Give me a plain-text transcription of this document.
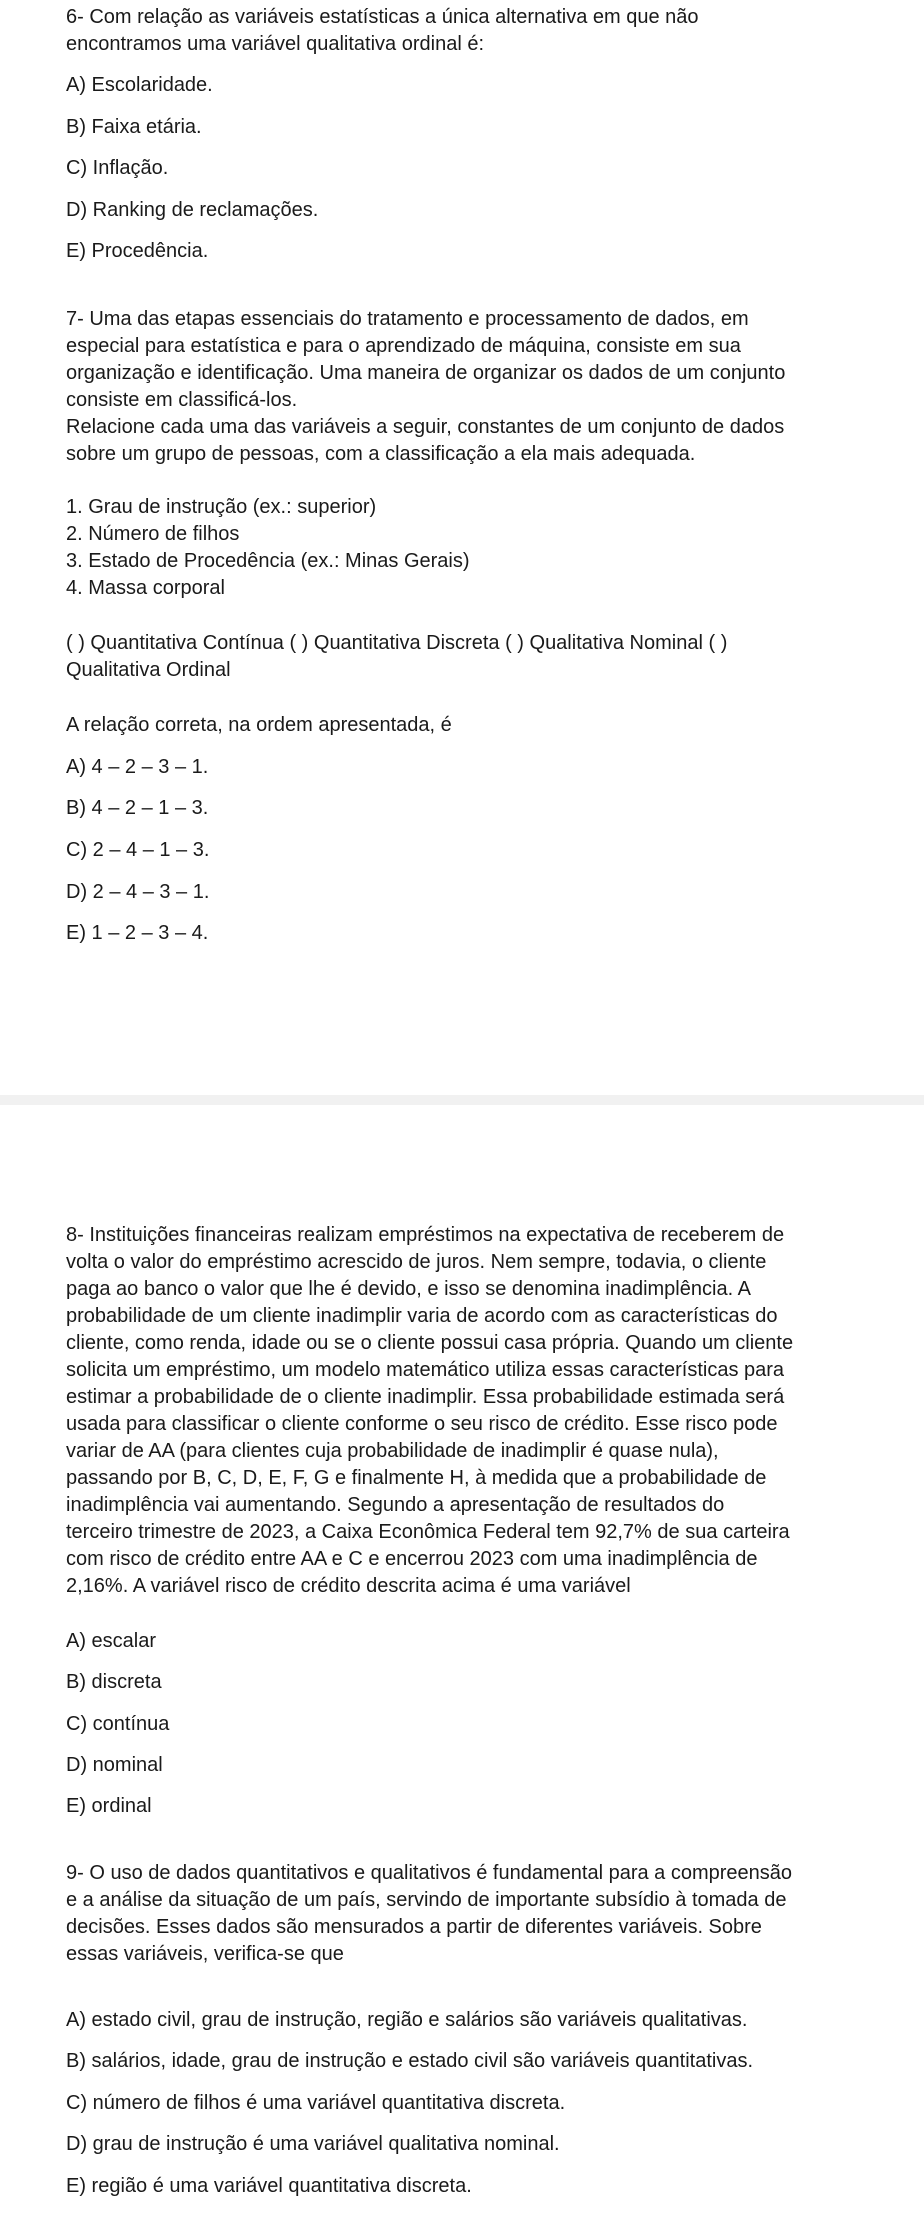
6- Com relação as variáveis estatísticas a única alternativa em que não

encontramos uma variável qualitativa ordinal é:

A) Escolaridade.

B) Faixa etária.

C) Inflação.

D) Ranking de reclamações.

E) Procedência.

7- Uma das etapas essenciais do tratamento e processamento de dados, em

especial para estatística e para o aprendizado de máquina, consiste em sua

organização e identificação. Uma maneira de organizar os dados de um conjunto

consiste em classificá-los.

Relacione cada uma das variáveis a seguir, constantes de um conjunto de dados

sobre um grupo de pessoas, com a classificação a ela mais adequada.

1. Grau de instrução (ex.: superior)

2. Número de filhos

3. Estado de Procedência (ex.: Minas Gerais)

4. Massa corporal

( ) Quantitativa Contínua ( ) Quantitativa Discreta ( ) Qualitativa Nominal ( )

Qualitativa Ordinal

A relação correta, na ordem apresentada, é

A) 4 – 2 – 3 – 1.

B) 4 – 2 – 1 – 3.

C) 2 – 4 – 1 – 3.

D) 2 – 4 – 3 – 1.

E) 1 – 2 – 3 – 4.

8- Instituições financeiras realizam empréstimos na expectativa de receberem de

volta o valor do empréstimo acrescido de juros. Nem sempre, todavia, o cliente

paga ao banco o valor que lhe é devido, e isso se denomina inadimplência. A

probabilidade de um cliente inadimplir varia de acordo com as características do

cliente, como renda, idade ou se o cliente possui casa própria. Quando um cliente

solicita um empréstimo, um modelo matemático utiliza essas características para

estimar a probabilidade de o cliente inadimplir. Essa probabilidade estimada será

usada para classificar o cliente conforme o seu risco de crédito. Esse risco pode

variar de AA (para clientes cuja probabilidade de inadimplir é quase nula),

passando por B, C, D, E, F, G e finalmente H, à medida que a probabilidade de

inadimplência vai aumentando. Segundo a apresentação de resultados do

terceiro trimestre de 2023, a Caixa Econômica Federal tem 92,7% de sua carteira

com risco de crédito entre AA e C e encerrou 2023 com uma inadimplência de

2,16%. A variável risco de crédito descrita acima é uma variável

A) escalar

B) discreta

C) contínua

D) nominal

E) ordinal

9- O uso de dados quantitativos e qualitativos é fundamental para a compreensão

e a análise da situação de um país, servindo de importante subsídio à tomada de

decisões. Esses dados são mensurados a partir de diferentes variáveis. Sobre

essas variáveis, verifica-se que

A) estado civil, grau de instrução, região e salários são variáveis qualitativas.

B) salários, idade, grau de instrução e estado civil são variáveis quantitativas.

C) número de filhos é uma variável quantitativa discreta.

D) grau de instrução é uma variável qualitativa nominal.

E) região é uma variável quantitativa discreta.
